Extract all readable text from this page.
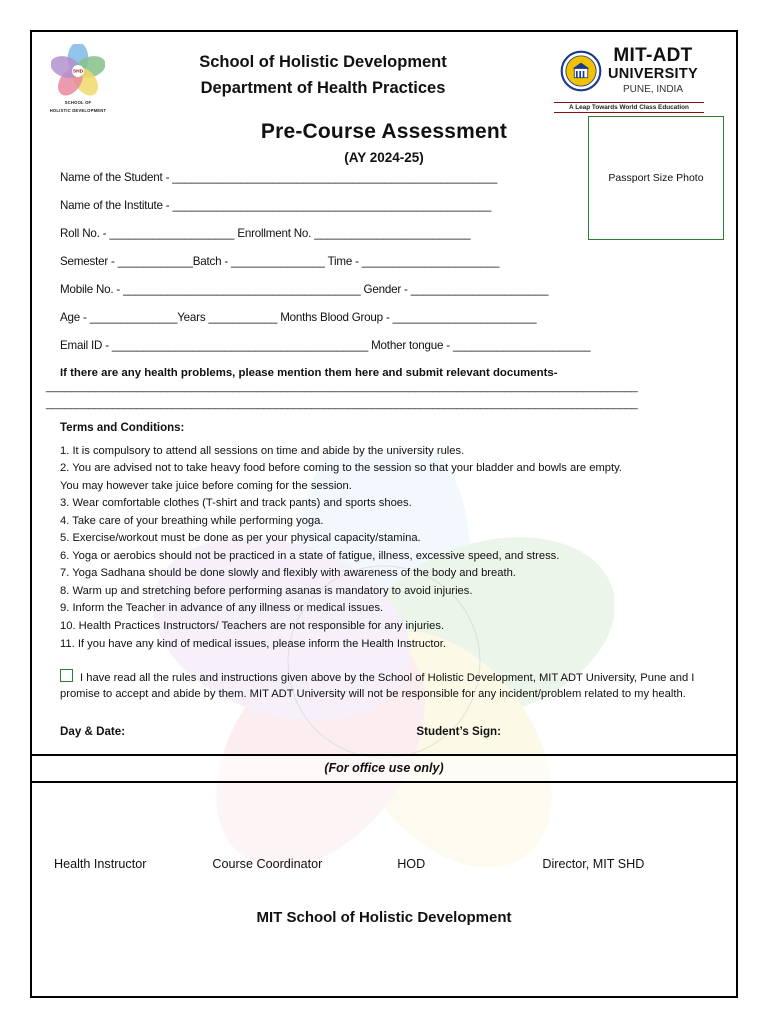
SHD
SCHOOL OF
HOLISTIC DEVELOPMENT
School of Holistic Development
Department of Health Practices
MIT-ADT
UNIVERSITY
PUNE, INDIA
A Leap Towards World Class Education
Pre-Course Assessment
(AY 2024-25)
Passport Size Photo
Name of the Student - ____________________________________________________
Name of the Institute - ___________________________________________________
Roll No. - ____________________ Enrollment No. _________________________
Semester - ____________Batch - _______________ Time - ______________________
Mobile No. - ______________________________________ Gender - ______________________
Age - ______________Years ___________ Months Blood Group - _______________________
Email ID - _________________________________________ Mother tongue - ______________________
If there are any health problems, please mention them here and submit relevant documents-
__________________________________________________________________________________________________
__________________________________________________________________________________________________
Terms and Conditions:
1. It is compulsory to attend all sessions on time and abide by the university rules.
2. You are advised not to take heavy food before coming to the session so that your bladder and bowls are empty.
You may however take juice before coming for the session.
3. Wear comfortable clothes (T-shirt and track pants) and sports shoes.
4. Take care of your breathing while performing yoga.
5. Exercise/workout must be done as per your physical capacity/stamina.
6. Yoga or aerobics should not be practiced in a state of fatigue, illness, excessive speed, and stress.
7. Yoga Sadhana should be done slowly and flexibly with awareness of the body and breath.
8. Warm up and stretching before performing asanas is mandatory to avoid injuries.
9. Inform the Teacher in advance of any illness or medical issues.
10. Health Practices Instructors/ Teachers are not responsible for any injuries.
11. If you have any kind of medical issues, please inform the Health Instructor.
I have read all the rules and instructions given above by the School of Holistic Development, MIT ADT University, Pune and I promise to accept and abide by them. MIT ADT University will not be responsible for any incident/problem related to my health.
Day & Date:	Student’s Sign:
(For office use only)
Health Instructor	Course Coordinator	HOD	Director, MIT SHD
MIT School of Holistic Development
